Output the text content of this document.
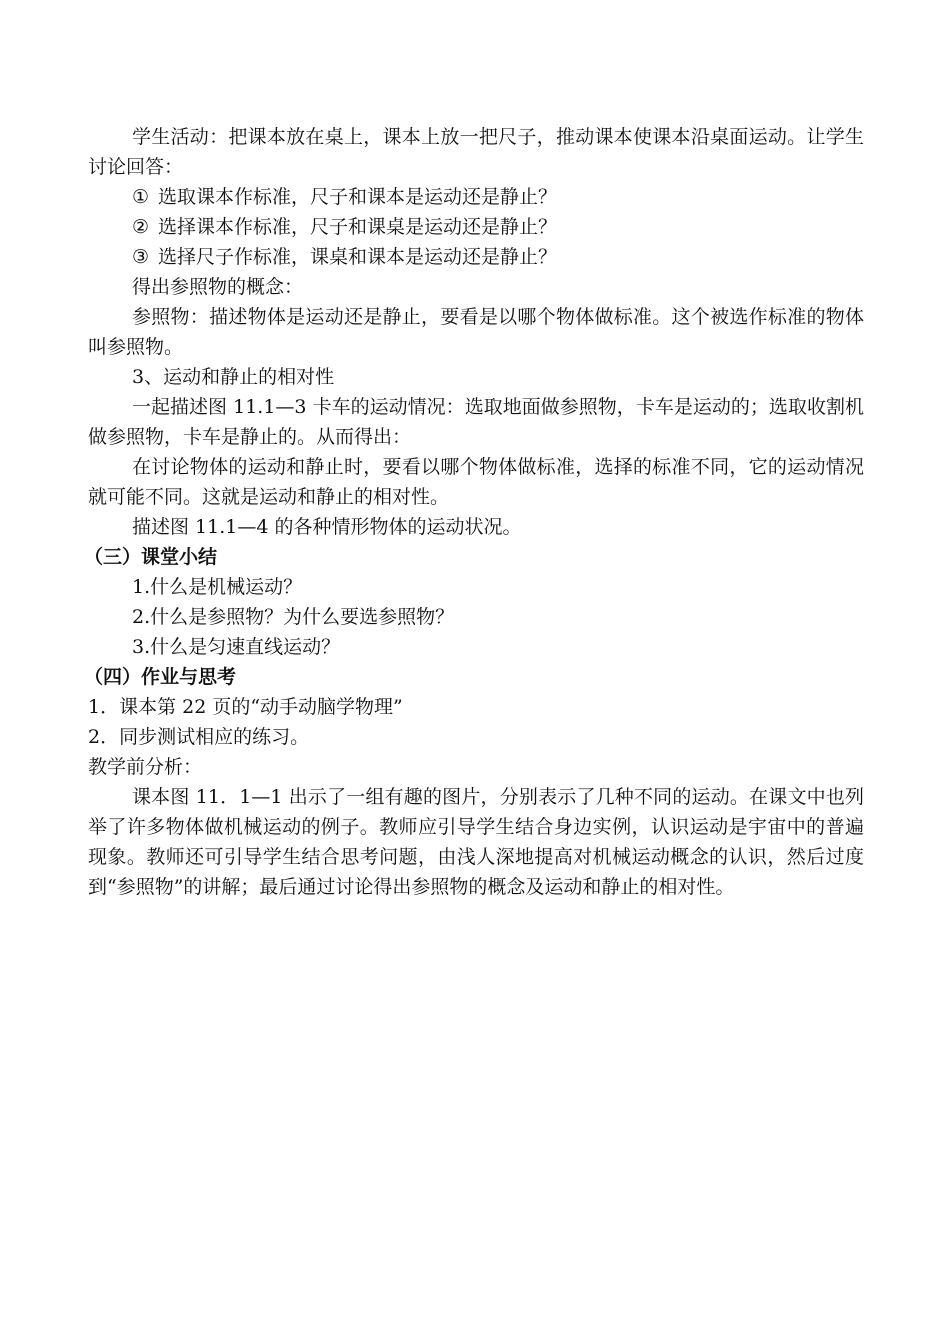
学生活动：把课本放在桌上，课本上放一把尺子，推动课本使课本沿桌面运动。让学生讨论回答：

① 选取课本作标准，尺子和课本是运动还是静止？

② 选择课本作标准，尺子和课桌是运动还是静止？

③ 选择尺子作标准，课桌和课本是运动还是静止？

得出参照物的概念：

参照物：描述物体是运动还是静止，要看是以哪个物体做标准。这个被选作标准的物体叫参照物。

3、运动和静止的相对性

一起描述图 11.1—3 卡车的运动情况：选取地面做参照物，卡车是运动的；选取收割机做参照物，卡车是静止的。从而得出：

在讨论物体的运动和静止时，要看以哪个物体做标准，选择的标准不同，它的运动情况就可能不同。这就是运动和静止的相对性。

描述图 11.1—4 的各种情形物体的运动状况。

（三）课堂小结

1.什么是机械运动？

2.什么是参照物？为什么要选参照物？

3.什么是匀速直线运动？

（四）作业与思考

1．课本第 22 页的“动手动脑学物理”

2．同步测试相应的练习。

教学前分析：

课本图 11．1—1 出示了一组有趣的图片，分别表示了几种不同的运动。在课文中也列举了许多物体做机械运动的例子。教师应引导学生结合身边实例，认识运动是宇宙中的普遍现象。教师还可引导学生结合思考问题，由浅人深地提高对机械运动概念的认识，然后过度到“参照物”的讲解；最后通过讨论得出参照物的概念及运动和静止的相对性。
